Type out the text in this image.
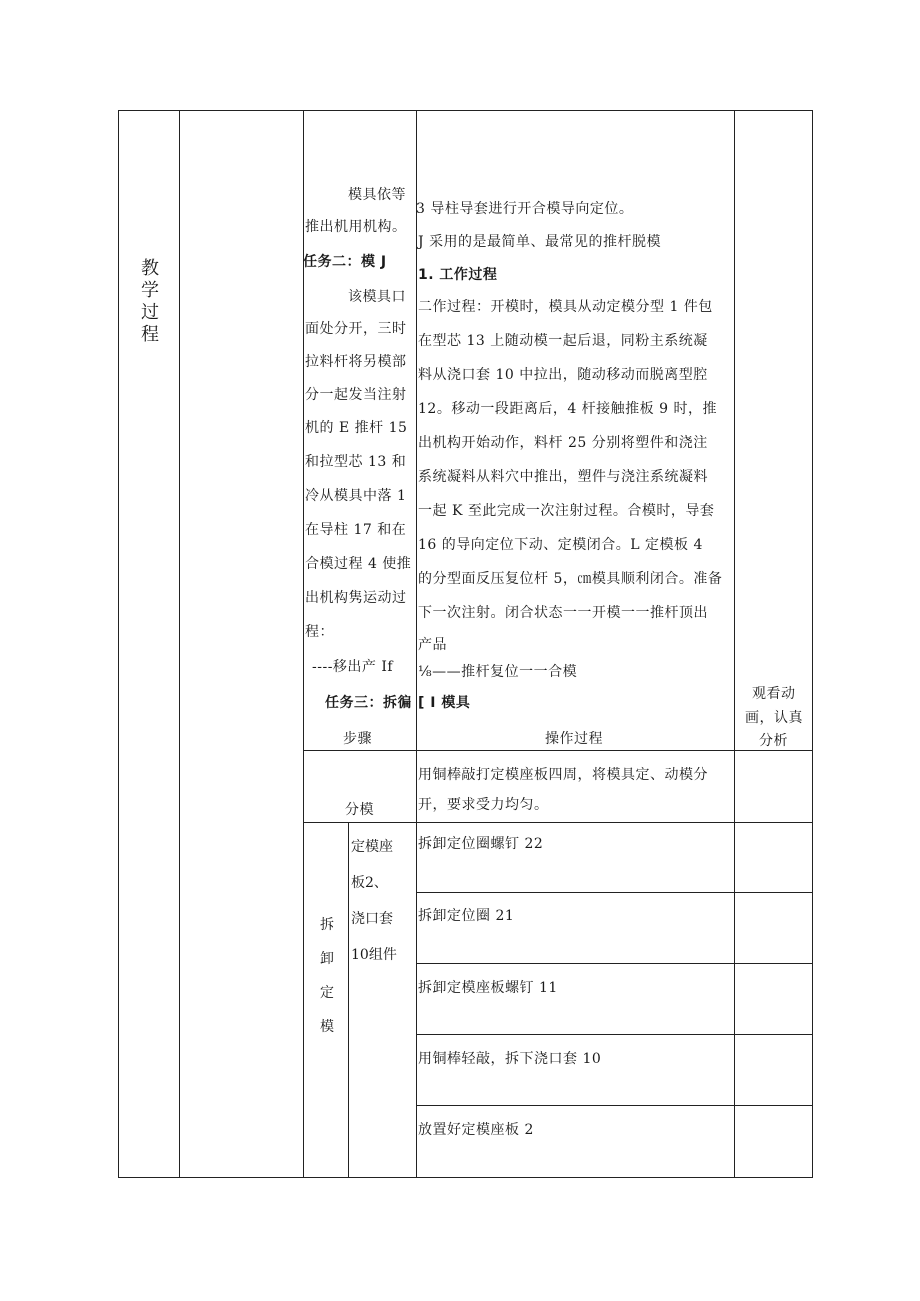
教学过程
模具依等
推出机用机构。
任务二：模 J
该模具口
面处分开，三时
拉料杆将另模部
分一起发当注射
机的 E 推杆 15
和拉型芯 13 和
冷从模具中落 1
在导柱 17 和在
合模过程 4 使推
出机构隽运动过
程：
----移出产 If
任务三：拆徧
3 导柱导套进行开合模导向定位。
J 采用的是最简单、最常见的推杆脱模
1. 工作过程
二作过程：开模时，模具从动定模分型 1 件包
在型芯 13 上随动模一起后退，同粉主系统凝
料从浇口套 10 中拉出，随动移动而脱离型腔
12。移动一段距离后，4 杆接触推板 9 时，推
出机构开始动作，料杆 25 分别将塑件和浇注
系统凝料从料穴中推出，塑件与浇注系统凝料
一起 K 至此完成一次注射过程。合模时，导套
16 的导向定位下动、定模闭合。L 定模板 4
的分型面反压复位杆 5，㎝模具顺利闭合。准备
下一次注射。闭合状态一一开模一一推杆顶出
产品
⅛——推杆复位一一合模
[ I 模具
观看动
画，认真
分析
步骤	操作过程
分模
用铜棒敲打定模座板四周，将模具定、动模分
开，要求受力均匀。
拆卸定模
定模座板2、浇口套10组件
拆卸定位圈螺钉 22
拆卸定位圈 21
拆卸定模座板螺钉 11
用铜棒轻敲，拆下浇口套 10
放置好定模座板 2
